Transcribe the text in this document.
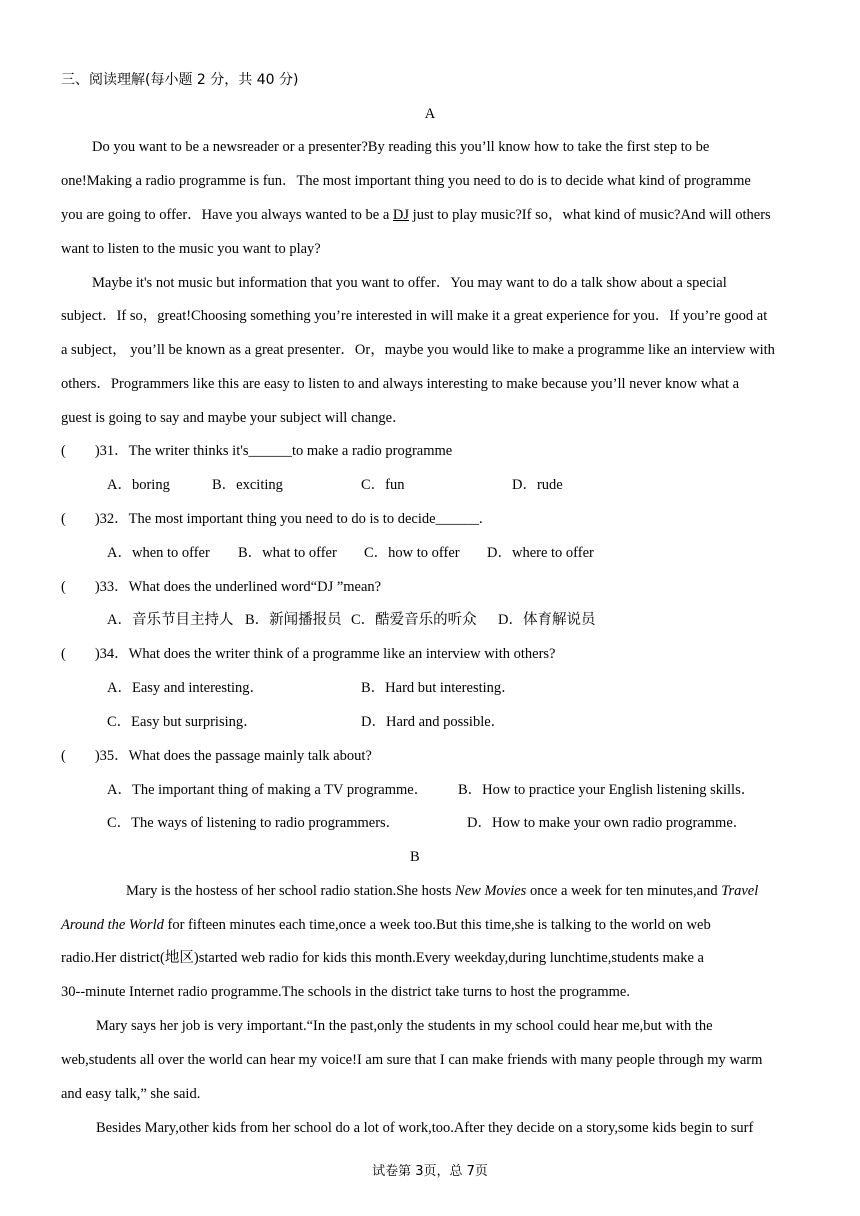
三、阅读理解(每小题 2 分，共 40 分)
A
Do you want to be a newsreader or a presenter?By reading this you’ll know how to take the first step to be
one!Making a radio programme is fun．The most important thing you need to do is to decide what kind of programme
you are going to offer．Have you always wanted to be a DJ just to play music?If so，what kind of music?And will others
want to listen to the music you want to play?
Maybe it's not music but information that you want to offer．You may want to do a talk show about a special
subject．If so，great!Choosing something you’re interested in will make it a great experience for you．If you’re good at
a subject， you’ll be known as a great presenter．Or，maybe you would like to make a programme like an interview with
others．Programmers like this are easy to listen to and always interesting to make because you’ll never know what a
guest is going to say and maybe your subject will change．
(        )31．The writer thinks it's______to make a radio programme
A．boring	B．exciting	C．fun	D．rude
(        )32．The most important thing you need to do is to decide______.
A．when to offer B．what to offer C．how to offer D．where to offer
(        )33．What does the underlined word“DJ ”mean?
A．音乐节目主持人 B．新闻播报员 C．酷爱音乐的听众 D．体育解说员
(        )34．What does the writer think of a programme like an interview with others?
A．Easy and interesting．	B．Hard but interesting．
C．Easy but surprising．	D．Hard and possible．
(        )35．What does the passage mainly talk about?
A．The important thing of making a TV programme． B．How to practice your English listening skills．
C．The ways of listening to radio programmers．	D．How to make your own radio programme．
B
Mary is the hostess of her school radio station.She hosts New Movies once a week for ten minutes,and Travel
Around the World for fifteen minutes each time,once a week too.But this time,she is talking to the world on web
radio.Her district(地区)started web radio for kids this month.Every weekday,during lunchtime,students make a
30--minute Internet radio programme.The schools in the district take turns to host the programme.
Mary says her job is very important.“In the past,only the students in my school could hear me,but with the
web,students all over the world can hear my voice!I am sure that I can make friends with many people through my warm
and easy talk,” she said.
Besides Mary,other kids from her school do a lot of work,too.After they decide on a story,some kids begin to surf
试卷第 3页，总 7页
